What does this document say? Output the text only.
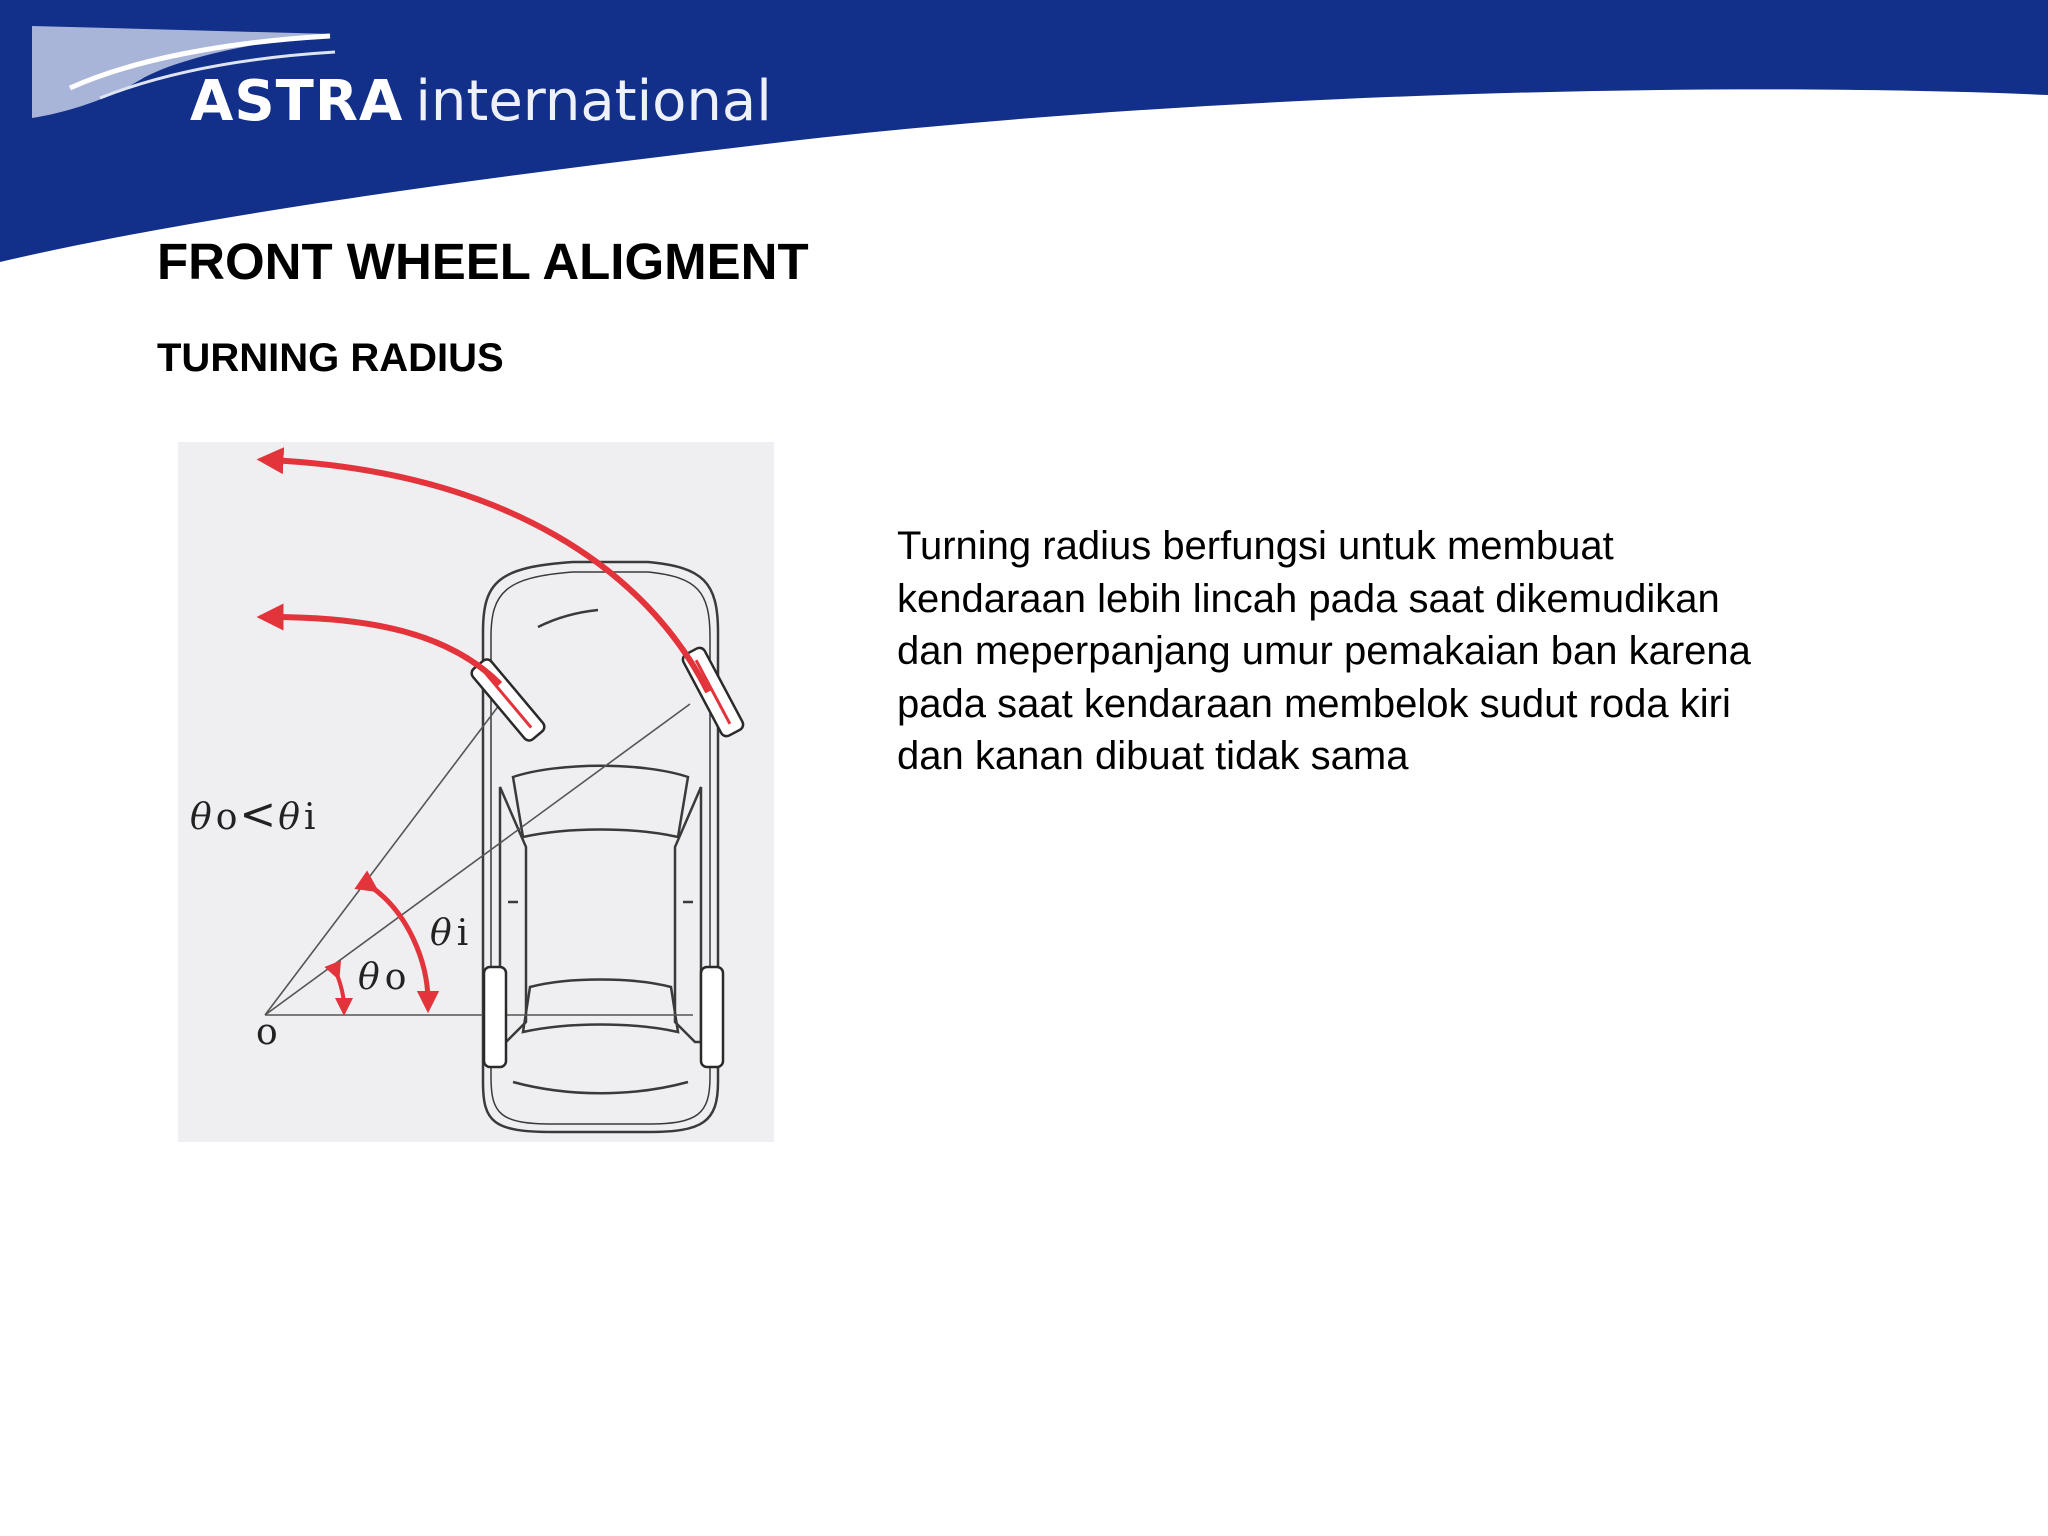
ASTRA international
FRONT WHEEL ALIGMENT
TURNING RADIUS
θ o<θ i
θ i
θ o
o

Turning radius berfungsi untuk membuat
kendaraan lebih lincah pada saat dikemudikan
dan meperpanjang umur pemakaian ban karena
pada saat kendaraan membelok sudut roda kiri
dan kanan dibuat tidak sama
